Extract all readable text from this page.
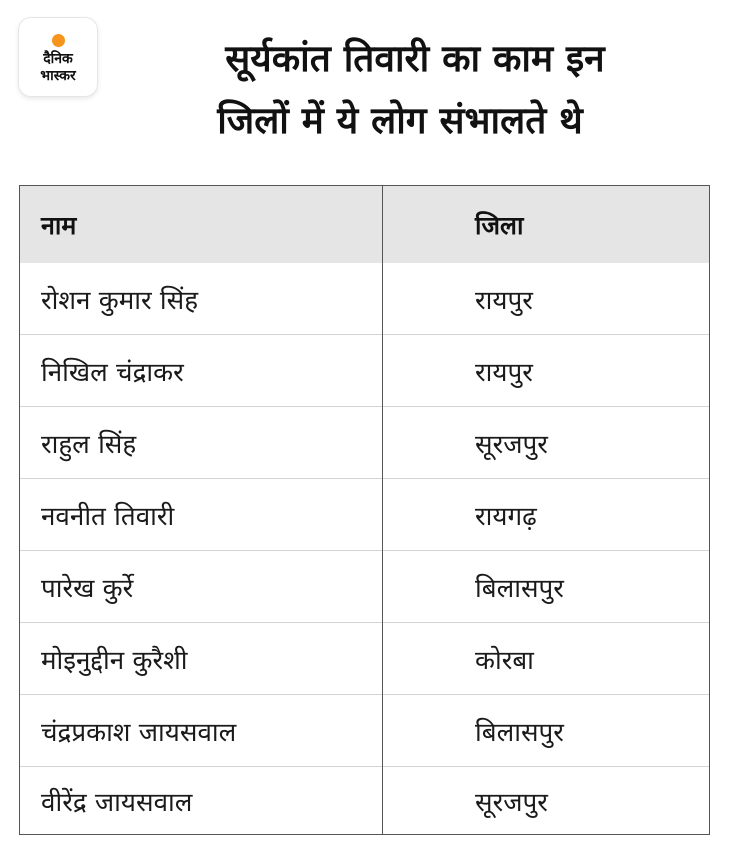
दैनिक
भास्कर	सूर्यकांत तिवारी का काम इन
जिलों में ये लोग संभालते थे
नाम	जिला
रोशन कुमार सिंह	रायपुर
निखिल चंद्राकर	रायपुर
राहुल सिंह	सूरजपुर
नवनीत तिवारी	रायगढ़
पारेख कुर्रे	बिलासपुर
मोइनुद्दीन कुरैशी	कोरबा
चंद्रप्रकाश जायसवाल	बिलासपुर
वीरेंद्र जायसवाल	सूरजपुर
